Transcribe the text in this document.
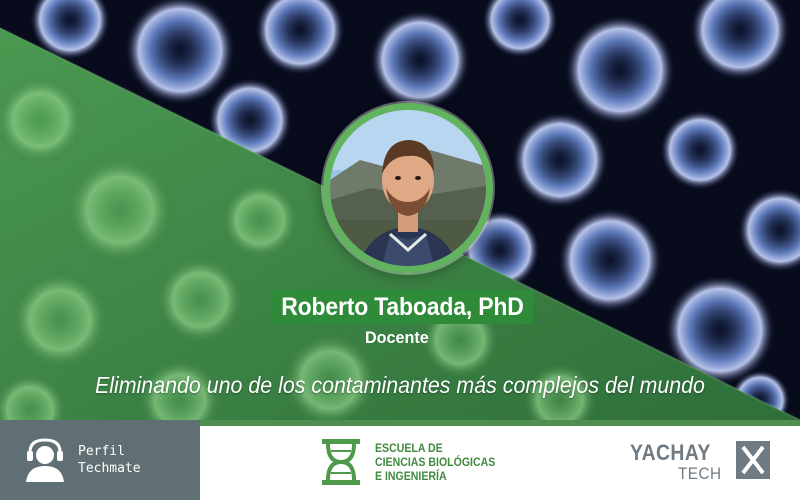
Roberto Taboada, PhD
Docente
Eliminando uno de los contaminantes más complejos del mundo
Perfil
Techmate
ESCUELA DE
CIENCIAS BIOLÓGICAS
E INGENIERÍA
YACHAY
TECH
